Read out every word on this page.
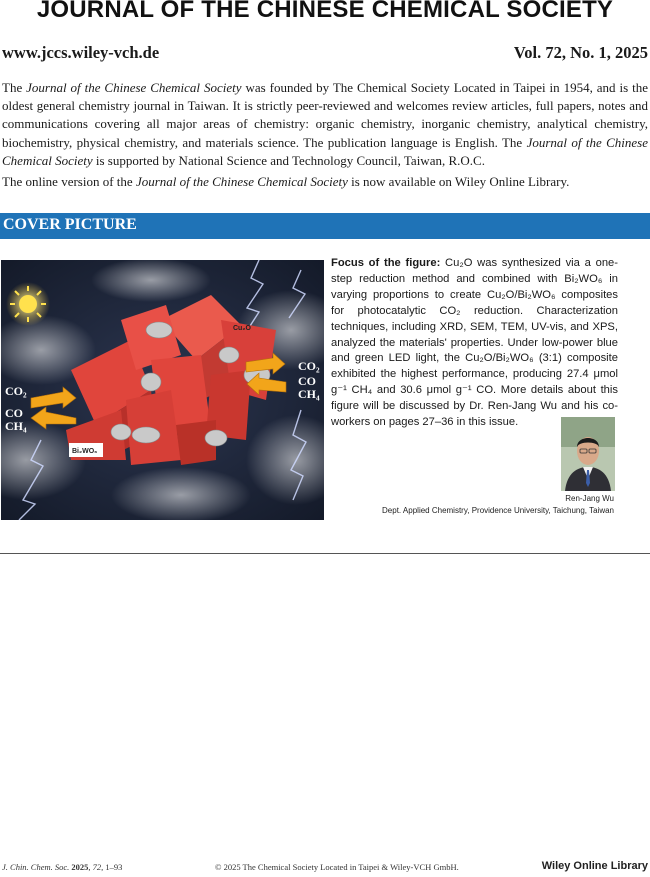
JOURNAL OF THE CHINESE CHEMICAL SOCIETY
www.jccs.wiley-vch.de	Vol. 72, No. 1, 2025

The Journal of the Chinese Chemical Society was founded by The Chemical Society Located in Taipei in 1954, and is the oldest general chemistry journal in Taiwan. It is strictly peer-reviewed and welcomes review articles, full papers, notes and communications covering all major areas of chemistry: organic chemistry, inorganic chemistry, analytical chemistry, biochemistry, physical chemistry, and materials science. The publication language is English. The Journal of the Chinese Chemical Society is supported by National Science and Technology Council, Taiwan, R.O.C.

The online version of the Journal of the Chinese Chemical Society is now available on Wiley Online Library.

COVER PICTURE
Cu₂O
Bi₂WO₆
CO₂
CO
CH₄
CO₂
CO
CH₄

Focus of the figure: Cu₂O was synthesized via a one-step reduction method and combined with Bi₂WO₆ in varying proportions to create Cu₂O/Bi₂WO₆ composites for photocatalytic CO₂ reduction. Characterization techniques, including XRD, SEM, TEM, UV-vis, and XPS, analyzed the materials' properties. Under low-power blue and green LED light, the Cu₂O/Bi₂WO₆ (3:1) composite exhibited the highest performance, producing 27.4 μmol g⁻¹ CH₄ and 30.6 μmol g⁻¹ CO. More details about this figure will be discussed by Dr. Ren-Jang Wu and his co-workers on pages 27–36 in this issue.

Ren-Jang Wu
Dept. Applied Chemistry, Providence University, Taichung, Taiwan
J. Chin. Chem. Soc. 2025, 72, 1–93	© 2025 The Chemical Society Located in Taipei & Wiley-VCH GmbH.	Wiley Online Library
